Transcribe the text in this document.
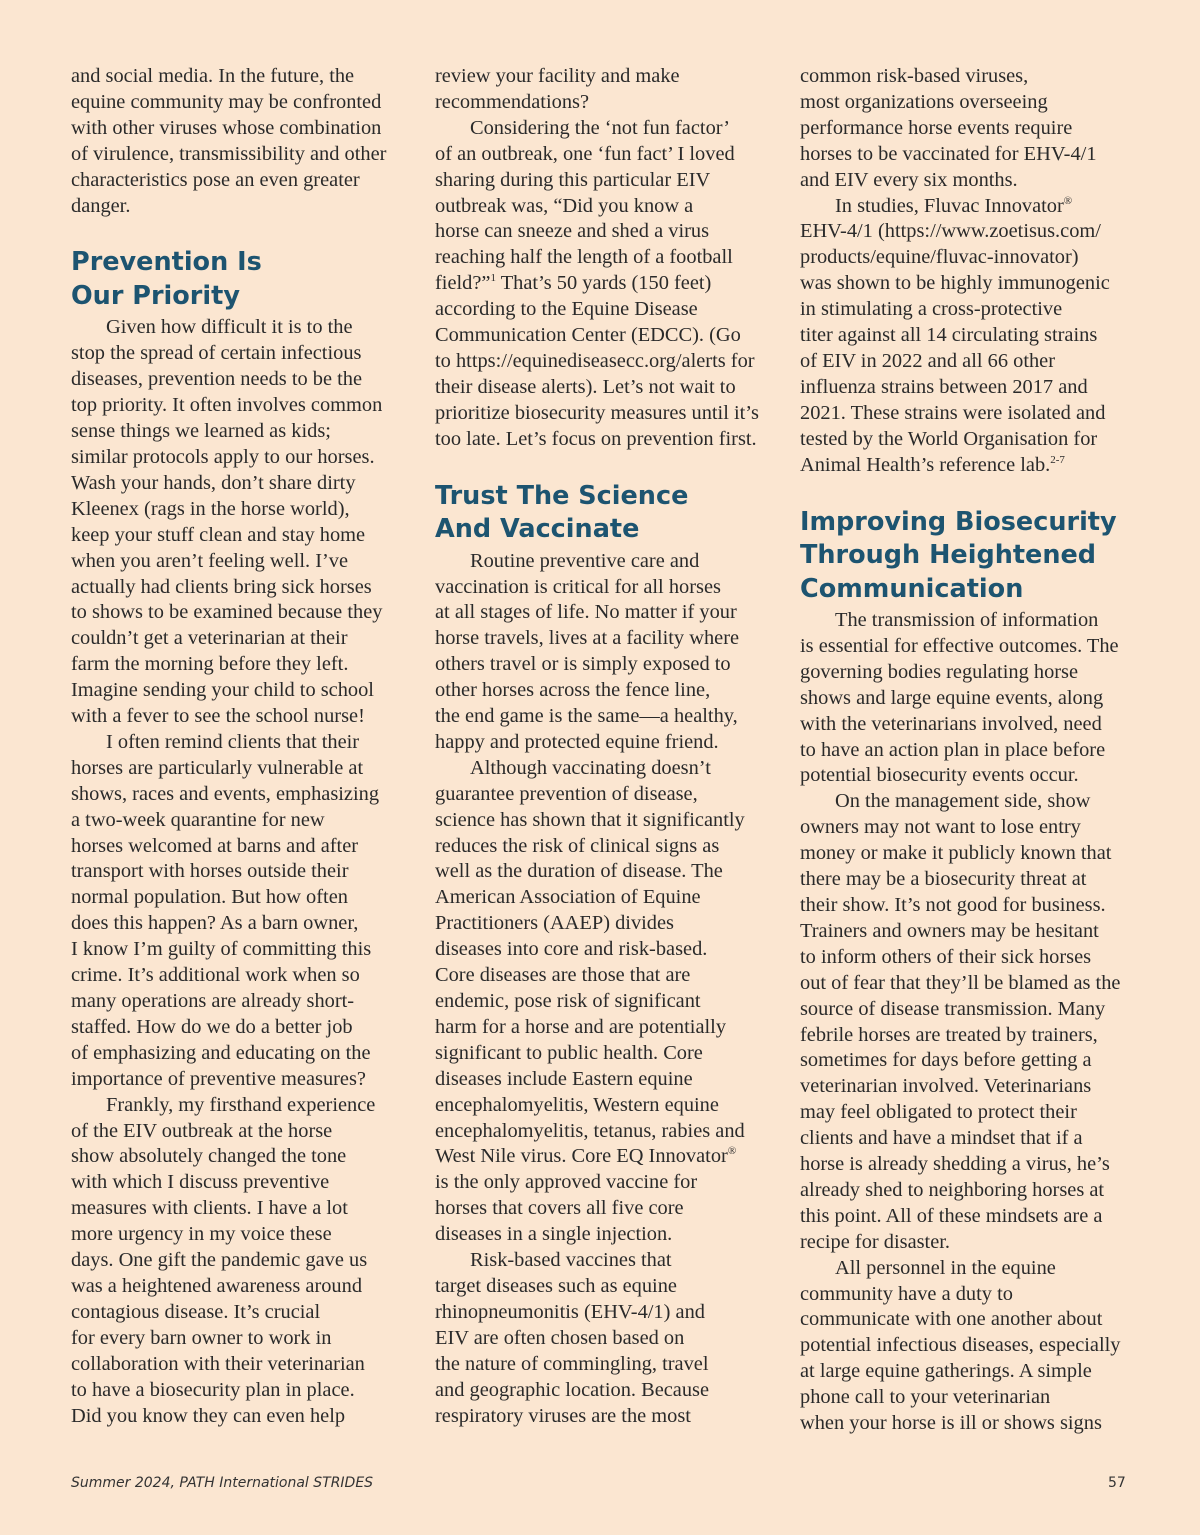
and social media. In the future, the
equine community may be confronted
with other viruses whose combination
of virulence, transmissibility and other
characteristics pose an even greater
danger.
Prevention Is
Our Priority
Given how difficult it is to the
stop the spread of certain infectious
diseases, prevention needs to be the
top priority. It often involves common
sense things we learned as kids;
similar protocols apply to our horses.
Wash your hands, don’t share dirty
Kleenex (rags in the horse world),
keep your stuff clean and stay home
when you aren’t feeling well. I’ve
actually had clients bring sick horses
to shows to be examined because they
couldn’t get a veterinarian at their
farm the morning before they left.
Imagine sending your child to school
with a fever to see the school nurse!
I often remind clients that their
horses are particularly vulnerable at
shows, races and events, emphasizing
a two-week quarantine for new
horses welcomed at barns and after
transport with horses outside their
normal population. But how often
does this happen? As a barn owner,
I know I’m guilty of committing this
crime. It’s additional work when so
many operations are already short-
staffed. How do we do a better job
of emphasizing and educating on the
importance of preventive measures?
Frankly, my firsthand experience
of the EIV outbreak at the horse
show absolutely changed the tone
with which I discuss preventive
measures with clients. I have a lot
more urgency in my voice these
days. One gift the pandemic gave us
was a heightened awareness around
contagious disease. It’s crucial
for every barn owner to work in
collaboration with their veterinarian
to have a biosecurity plan in place.
Did you know they can even help
review your facility and make
recommendations?
Considering the ‘not fun factor’
of an outbreak, one ‘fun fact’ I loved
sharing during this particular EIV
outbreak was, “Did you know a
horse can sneeze and shed a virus
reaching half the length of a football
field?”$^1$ That’s 50 yards (150 feet)
according to the Equine Disease
Communication Center (EDCC). (Go
to https://equinediseasecc.org/alerts for
their disease alerts). Let’s not wait to
prioritize biosecurity measures until it’s
too late. Let’s focus on prevention first.
Trust The Science
And Vaccinate
Routine preventive care and
vaccination is critical for all horses
at all stages of life. No matter if your
horse travels, lives at a facility where
others travel or is simply exposed to
other horses across the fence line,
the end game is the same—a healthy,
happy and protected equine friend.
Although vaccinating doesn’t
guarantee prevention of disease,
science has shown that it significantly
reduces the risk of clinical signs as
well as the duration of disease. The
American Association of Equine
Practitioners (AAEP) divides
diseases into core and risk-based.
Core diseases are those that are
endemic, pose risk of significant
harm for a horse and are potentially
significant to public health. Core
diseases include Eastern equine
encephalomyelitis, Western equine
encephalomyelitis, tetanus, rabies and
West Nile virus. Core EQ Innovator®
is the only approved vaccine for
horses that covers all five core
diseases in a single injection.
Risk-based vaccines that
target diseases such as equine
rhinopneumonitis (EHV-4/1) and
EIV are often chosen based on
the nature of commingling, travel
and geographic location. Because
respiratory viruses are the most
common risk-based viruses,
most organizations overseeing
performance horse events require
horses to be vaccinated for EHV-4/1
and EIV every six months.
In studies, Fluvac Innovator®
EHV-4/1 (https://www.zoetisus.com/
products/equine/fluvac-innovator)
was shown to be highly immunogenic
in stimulating a cross-protective
titer against all 14 circulating strains
of EIV in 2022 and all 66 other
influenza strains between 2017 and
2021. These strains were isolated and
tested by the World Organisation for
Animal Health’s reference lab.$^{2-7}$
Improving Biosecurity
Through Heightened
Communication
The transmission of information
is essential for effective outcomes. The
governing bodies regulating horse
shows and large equine events, along
with the veterinarians involved, need
to have an action plan in place before
potential biosecurity events occur.
On the management side, show
owners may not want to lose entry
money or make it publicly known that
there may be a biosecurity threat at
their show. It’s not good for business.
Trainers and owners may be hesitant
to inform others of their sick horses
out of fear that they’ll be blamed as the
source of disease transmission. Many
febrile horses are treated by trainers,
sometimes for days before getting a
veterinarian involved. Veterinarians
may feel obligated to protect their
clients and have a mindset that if a
horse is already shedding a virus, he’s
already shed to neighboring horses at
this point. All of these mindsets are a
recipe for disaster.
All personnel in the equine
community have a duty to
communicate with one another about
potential infectious diseases, especially
at large equine gatherings. A simple
phone call to your veterinarian
when your horse is ill or shows signs
Summer 2024, PATH International STRIDES	57
